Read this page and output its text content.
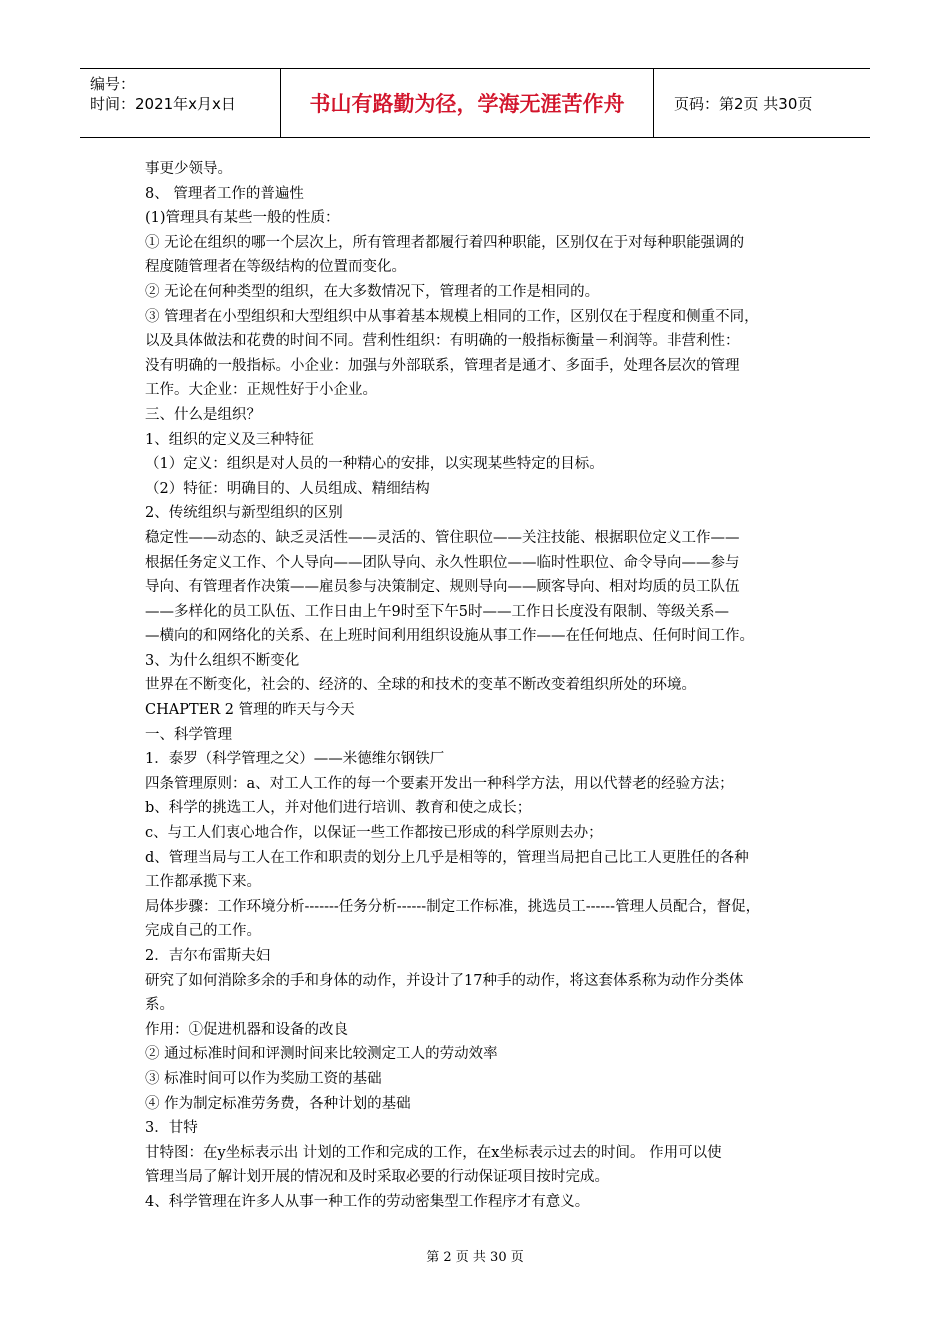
编号：
时间：2021年x月x日	书山有路勤为径，学海无涯苦作舟	页码：第2页 共30页
事更少领导。
8、 管理者工作的普遍性
(1)管理具有某些一般的性质：
① 无论在组织的哪一个层次上，所有管理者都履行着四种职能，区别仅在于对每种职能强调的
程度随管理者在等级结构的位置而变化。
② 无论在何种类型的组织，在大多数情况下，管理者的工作是相同的。
③ 管理者在小型组织和大型组织中从事着基本规模上相同的工作，区别仅在于程度和侧重不同，
以及具体做法和花费的时间不同。营利性组织：有明确的一般指标衡量－利润等。非营利性：
没有明确的一般指标。小企业：加强与外部联系，管理者是通才、多面手，处理各层次的管理
工作。大企业：正规性好于小企业。
三、什么是组织？
1、组织的定义及三种特征
（1）定义：组织是对人员的一种精心的安排，以实现某些特定的目标。
（2）特征：明确目的、人员组成、精细结构
2、传统组织与新型组织的区别
稳定性——动态的、缺乏灵活性——灵活的、管住职位——关注技能、根据职位定义工作——
根据任务定义工作、个人导向——团队导向、永久性职位——临时性职位、命令导向——参与
导向、有管理者作决策——雇员参与决策制定、规则导向——顾客导向、相对均质的员工队伍
——多样化的员工队伍、工作日由上午9时至下午5时——工作日长度没有限制、等级关系—
—横向的和网络化的关系、在上班时间利用组织设施从事工作——在任何地点、任何时间工作。
3、为什么组织不断变化
世界在不断变化，社会的、经济的、全球的和技术的变革不断改变着组织所处的环境。
CHAPTER 2 管理的昨天与今天
一、科学管理
1．泰罗（科学管理之父）——米德维尔钢铁厂
四条管理原则：a、对工人工作的每一个要素开发出一种科学方法，用以代替老的经验方法；
b、科学的挑选工人，并对他们进行培训、教育和使之成长；
c、与工人们衷心地合作，以保证一些工作都按已形成的科学原则去办；
d、管理当局与工人在工作和职责的划分上几乎是相等的，管理当局把自己比工人更胜任的各种
工作都承揽下来。
局体步骤：工作环境分析-------任务分析------制定工作标准，挑选员工------管理人员配合，督促，
完成自己的工作。
2．吉尔布雷斯夫妇
研究了如何消除多余的手和身体的动作，并设计了17种手的动作，将这套体系称为动作分类体
系。
作用：①促进机器和设备的改良
② 通过标准时间和评测时间来比较测定工人的劳动效率
③ 标准时间可以作为奖励工资的基础
④ 作为制定标准劳务费，各种计划的基础
3．甘特
甘特图：在y坐标表示出 计划的工作和完成的工作，在x坐标表示过去的时间。 作用可以使
管理当局了解计划开展的情况和及时采取必要的行动保证项目按时完成。
4、科学管理在许多人从事一种工作的劳动密集型工作程序才有意义。
第 2 页 共 30 页
